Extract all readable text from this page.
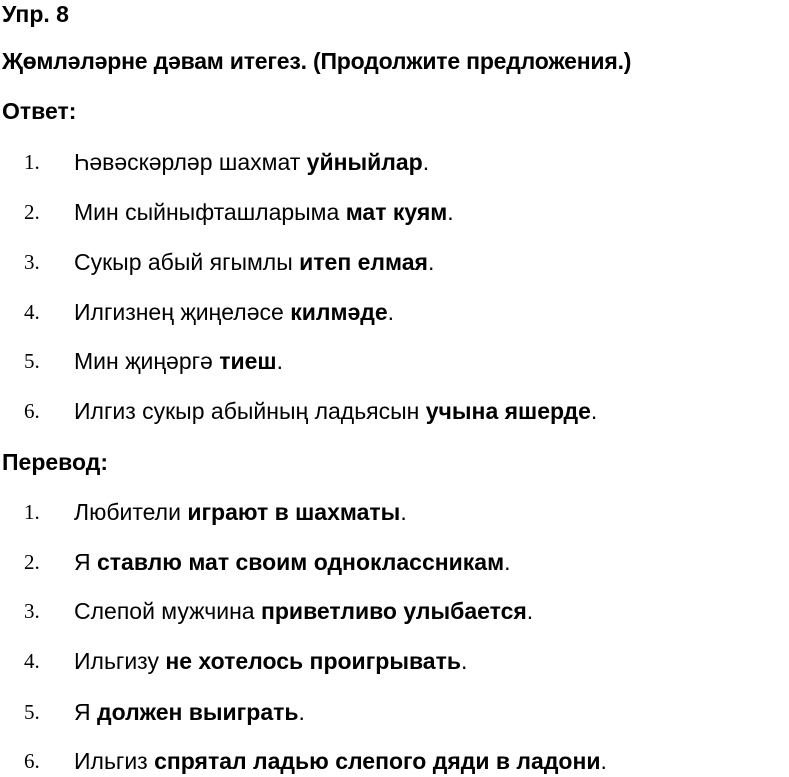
Упр. 8
Җөмләләрне дәвам итегез. (Продолжите предложения.)
Ответ:
1. Һәвәскәрләр шахмат уйныйлар.
2. Мин сыйныфташларыма мат куям.
3. Сукыр абый ягымлы итеп елмая.
4. Илгизнең җиңеләсе килмәде.
5. Мин җиңәргә тиеш.
6. Илгиз сукыр абыйның ладьясын учына яшерде.
Перевод:
1. Любители играют в шахматы.
2. Я ставлю мат своим одноклассникам.
3. Слепой мужчина приветливо улыбается.
4. Ильгизу не хотелось проигрывать.
5. Я должен выиграть.
6. Ильгиз спрятал ладью слепого дяди в ладони.
